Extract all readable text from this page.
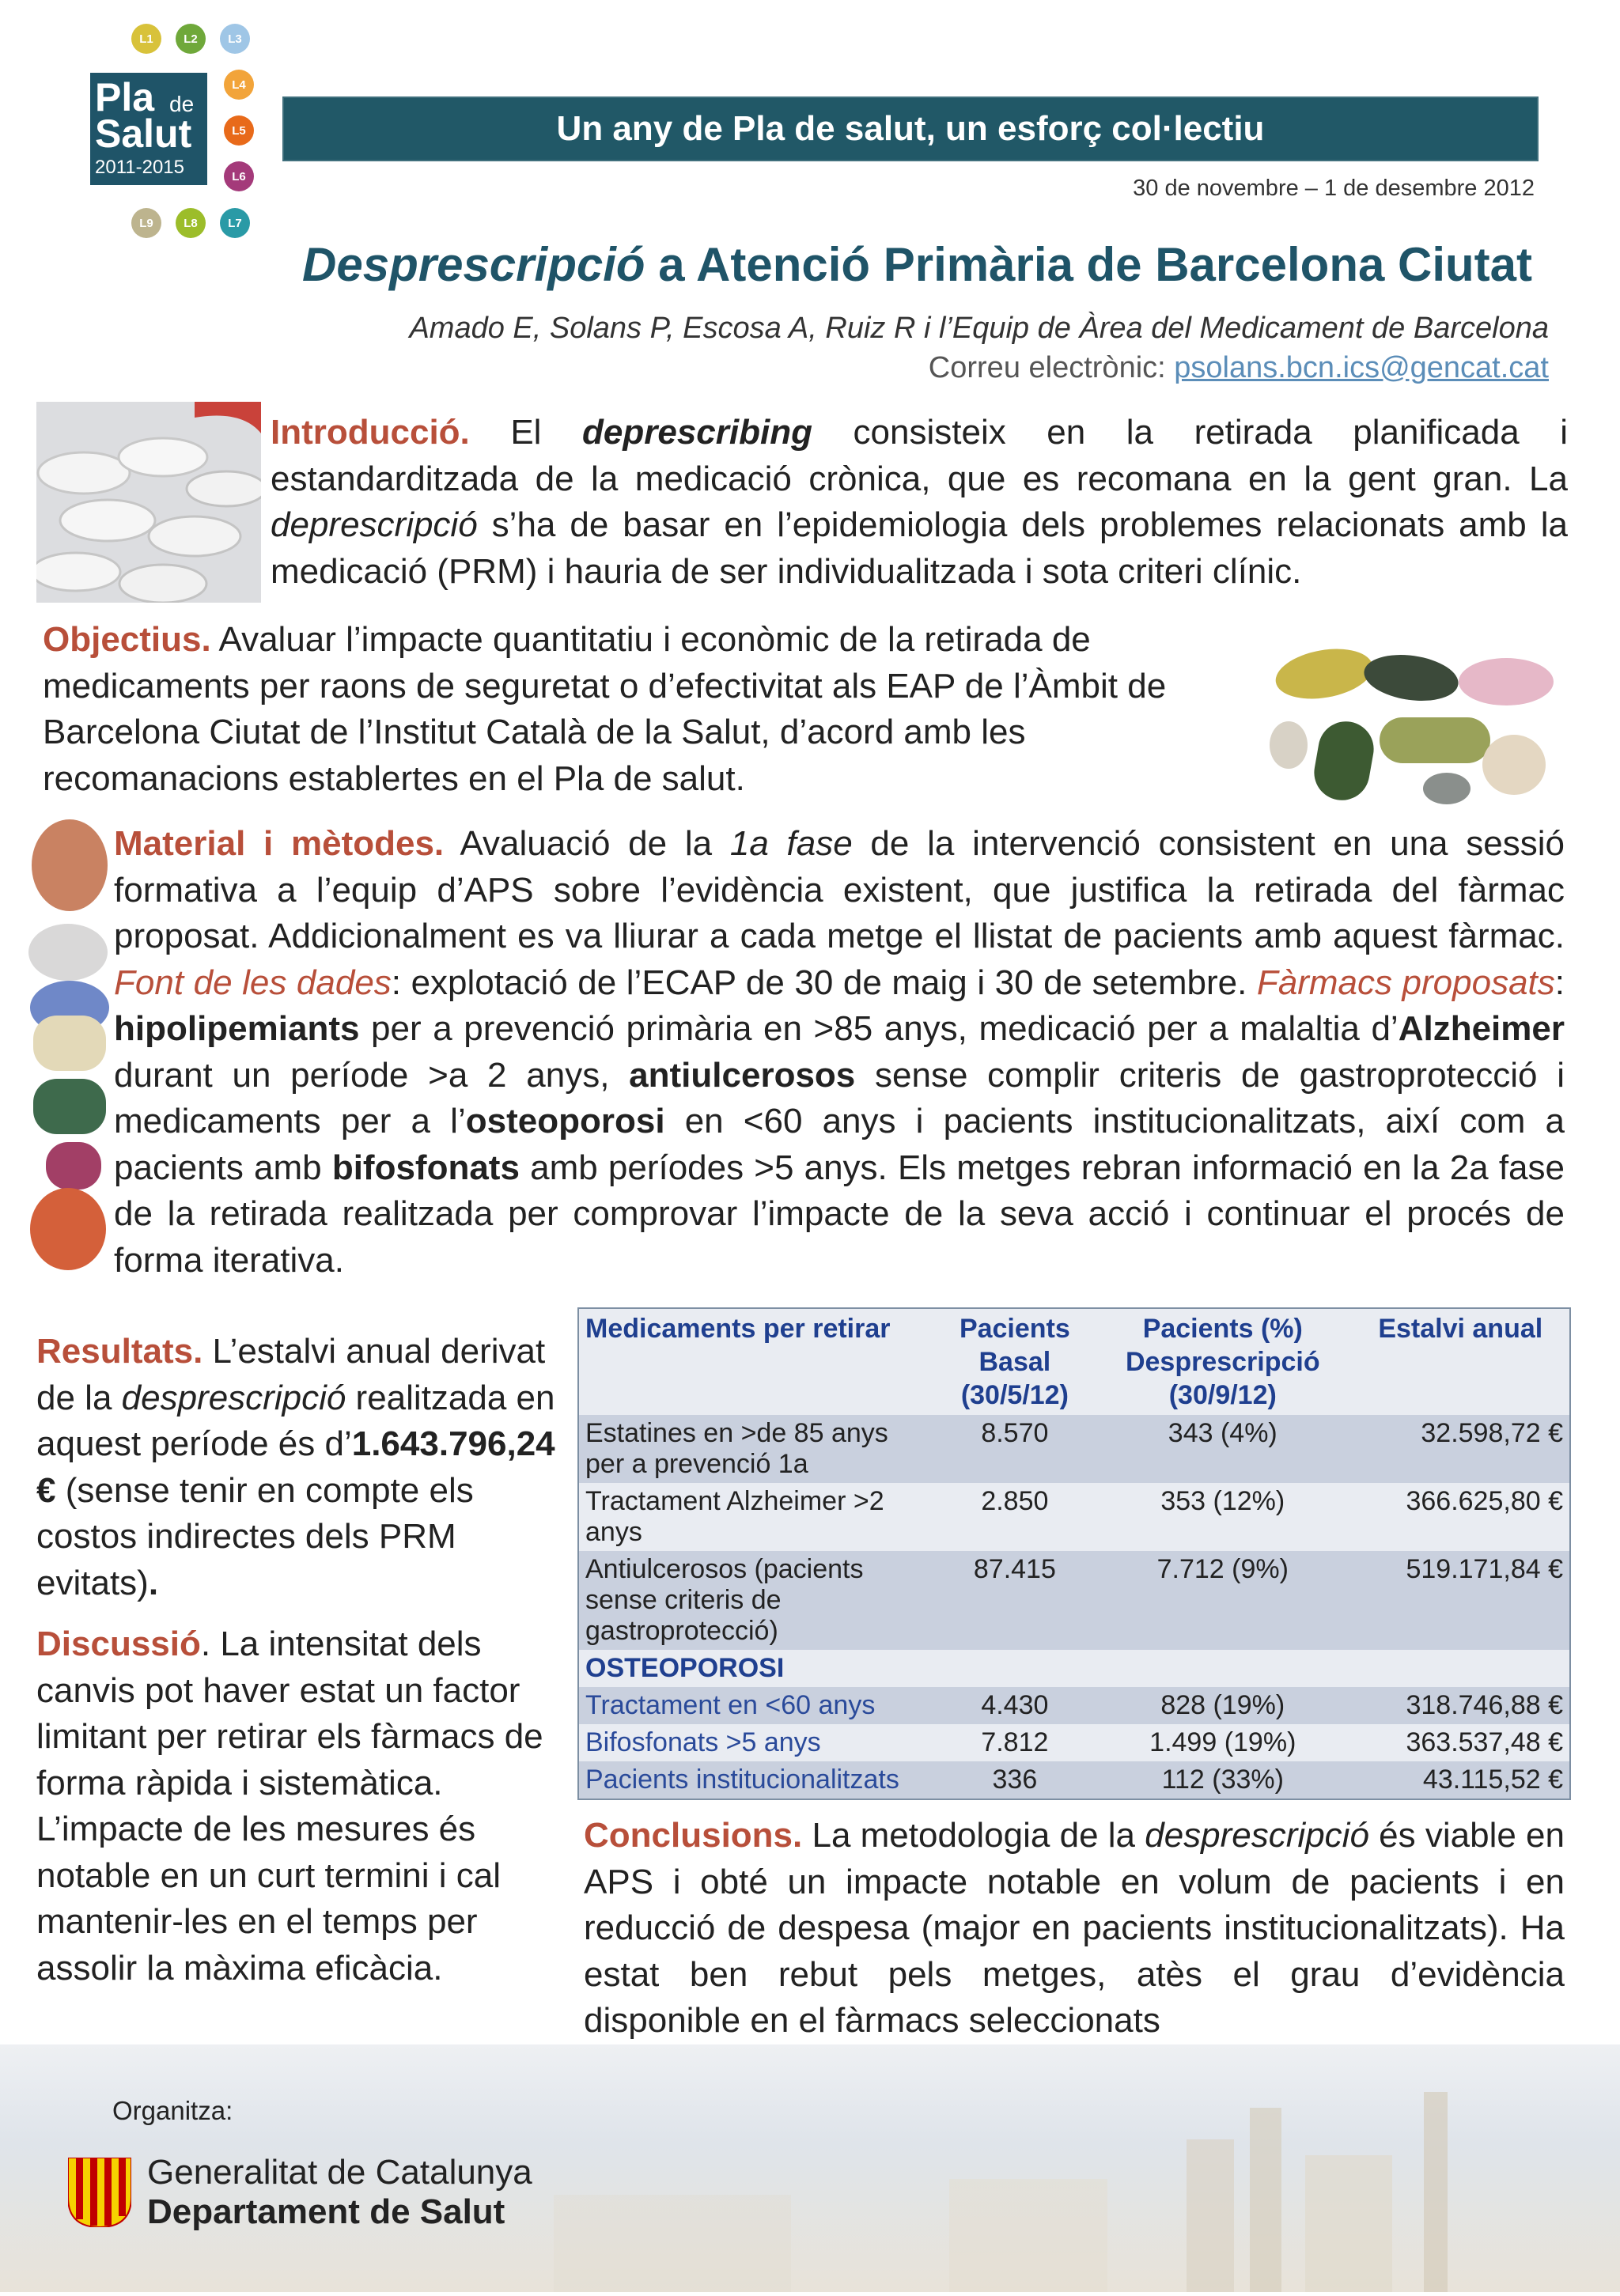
L1	L2	L3
L4
L5
L6
L9	L8	L7
Pla de
Salut
2011-2015
Un any de Pla de salut, un esforç col·lectiu
30 de novembre – 1 de desembre 2012
Desprescripció a Atenció Primària de Barcelona Ciutat
Amado E, Solans P, Escosa A, Ruiz R i l’Equip de Àrea del Medicament de Barcelona
Correu electrònic: psolans.bcn.ics@gencat.cat
Introducció. El deprescribing consisteix en la retirada planificada i estandarditzada de la medicació crònica, que es recomana en la gent gran. La deprescripció s’ha de basar en l’epidemiologia dels problemes relacionats amb la medicació (PRM) i hauria de ser individualitzada i sota criteri clínic.
Objectius. Avaluar l’impacte quantitatiu i econòmic de la retirada de medicaments per raons de seguretat o d’efectivitat als EAP de l’Àmbit de Barcelona Ciutat de l’Institut Català de la Salut, d’acord amb les recomanacions establertes en el Pla de salut.
Material i mètodes. Avaluació de la 1a fase de la intervenció consistent en una sessió formativa a l’equip d’APS sobre l’evidència existent, que justifica la retirada del fàrmac proposat. Addicionalment es va lliurar a cada metge el llistat de pacients amb aquest fàrmac. Font de les dades: explotació de l’ECAP de 30 de maig i 30 de setembre. Fàrmacs proposats: hipolipemiants per a prevenció primària en >85 anys, medicació per a malaltia d’Alzheimer durant un període >a 2 anys, antiulcerosos sense complir criteris de gastroprotecció i medicaments per a l’osteoporosi en <60 anys i pacients institucionalitzats, així com a pacients amb bifosfonats amb períodes >5 anys. Els metges rebran informació en la 2a fase de la retirada realitzada per comprovar l’impacte de la seva acció i continuar el procés de forma iterativa.
Resultats. L’estalvi anual derivat de la desprescripció realitzada en aquest període és d’1.643.796,24 € (sense tenir en compte els costos indirectes dels PRM evitats).
Discussió. La intensitat dels canvis pot haver estat un factor limitant per retirar els fàrmacs de forma ràpida i sistemàtica. L’impacte de les mesures és notable en un curt termini i cal mantenir-les en el temps per assolir la màxima eficàcia.
Medicaments per retirar	Pacients Basal (30/5/12)	Pacients (%) Desprescripció (30/9/12)	Estalvi anual
Estatines en >de 85 anys per a prevenció 1a	8.570	343 (4%)	32.598,72 €
Tractament Alzheimer >2 anys	2.850	353 (12%)	366.625,80 €
Antiulcerosos (pacients sense criteris de gastroprotecció)	87.415	7.712 (9%)	519.171,84 €
OSTEOPOROSI			
Tractament en <60 anys	4.430	828 (19%)	318.746,88 €
Bifosfonats >5 anys	7.812	1.499 (19%)	363.537,48 €
Pacients institucionalitzats	336	112 (33%)	43.115,52 €
Conclusions. La metodologia de la desprescripció és viable en APS i obté un impacte notable en volum de pacients i en reducció de despesa (major en pacients institucionalitzats). Ha estat ben rebut pels metges, atès el grau d’evidència disponible en el fàrmacs seleccionats
Organitza:
Generalitat de Catalunya
Departament de Salut
